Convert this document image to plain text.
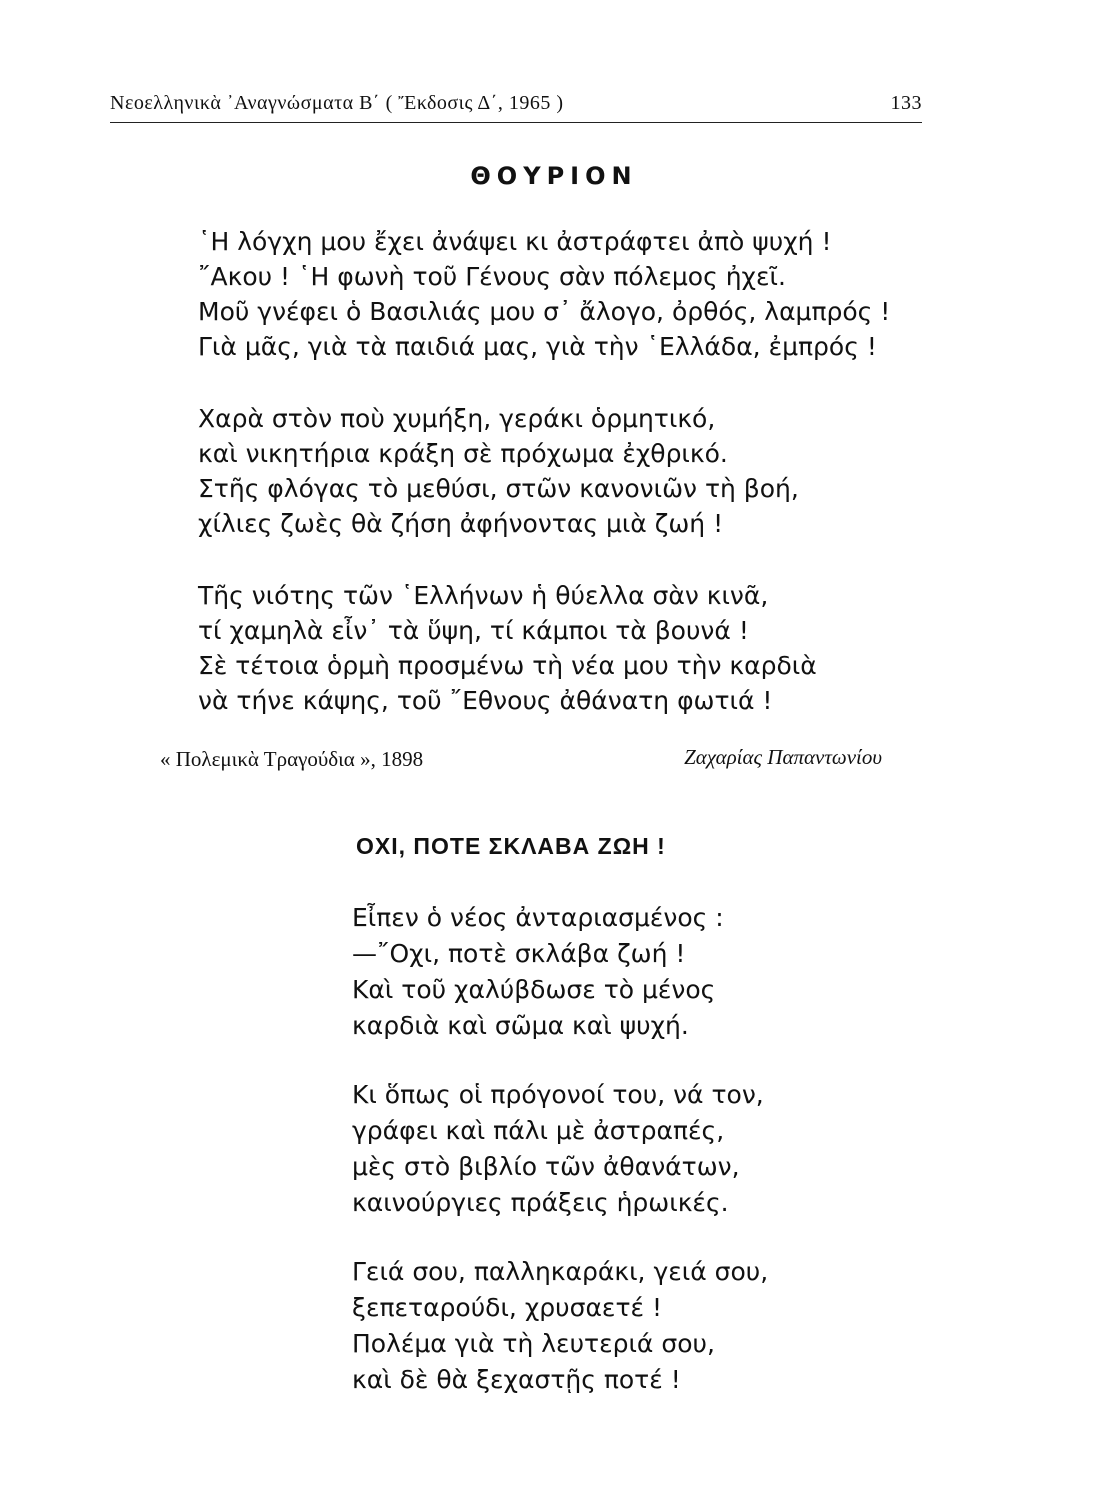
Νεοελληνικὰ ᾿Αναγνώσματα Β΄ ( Ἔκδοσις Δ΄, 1965 )	133
ΘΟΥΡΙΟΝ
῾Η λόγχη μου ἔχει ἀνάψει κι ἀστράφτει ἀπὸ ψυχή !
῎Ακου ! ῾Η φωνὴ τοῦ Γένους σὰν πόλεμος ἠχεῖ.
Μοῦ γνέφει ὁ Βασιλιάς μου σ᾿ ἄλογο, ὀρθός, λαμπρός !
Γιὰ μᾶς, γιὰ τὰ παιδιά μας, γιὰ τὴν ῾Ελλάδα, ἐμπρός !
Χαρὰ στὸν ποὺ χυμήξη, γεράκι ὁρμητικό,
καὶ νικητήρια κράξη σὲ πρόχωμα ἐχθρικό.
Στῆς φλόγας τὸ μεθύσι, στῶν κανονιῶν τὴ βοή,
χίλιες ζωὲς θὰ ζήση ἀφήνοντας μιὰ ζωή !
Τῆς νιότης τῶν ῾Ελλήνων ἡ θύελλα σὰν κινᾶ,
τί χαμηλὰ εἶν᾿ τὰ ὕψη, τί κάμποι τὰ βουνά !
Σὲ τέτοια ὁρμὴ προσμένω τὴ νέα μου τὴν καρδιὰ
νὰ τήνε κάψης, τοῦ ῎Εθνους ἀθάνατη φωτιά !
« Πολεμικὰ Τραγούδια », 1898	Ζαχαρίας Παπαντωνίου
ΟΧΙ, ΠΟΤΕ ΣΚΛΑΒΑ ΖΩΗ !
Εἶπεν ὁ νέος ἀνταριασμένος :
—῎Οχι, ποτὲ σκλάβα ζωή !
Καὶ τοῦ χαλύβδωσε τὸ μένος
καρδιὰ καὶ σῶμα καὶ ψυχή.
Κι ὅπως οἱ πρόγονοί του, νά τον,
γράφει καὶ πάλι μὲ ἀστραπές,
μὲς στὸ βιβλίο τῶν ἀθανάτων,
καινούργιες πράξεις ἡρωικές.
Γειά σου, παλληκαράκι, γειά σου,
ξεπεταρούδι, χρυσαετέ !
Πολέμα γιὰ τὴ λευτεριά σου,
καὶ δὲ θὰ ξεχαστῇς ποτέ !
